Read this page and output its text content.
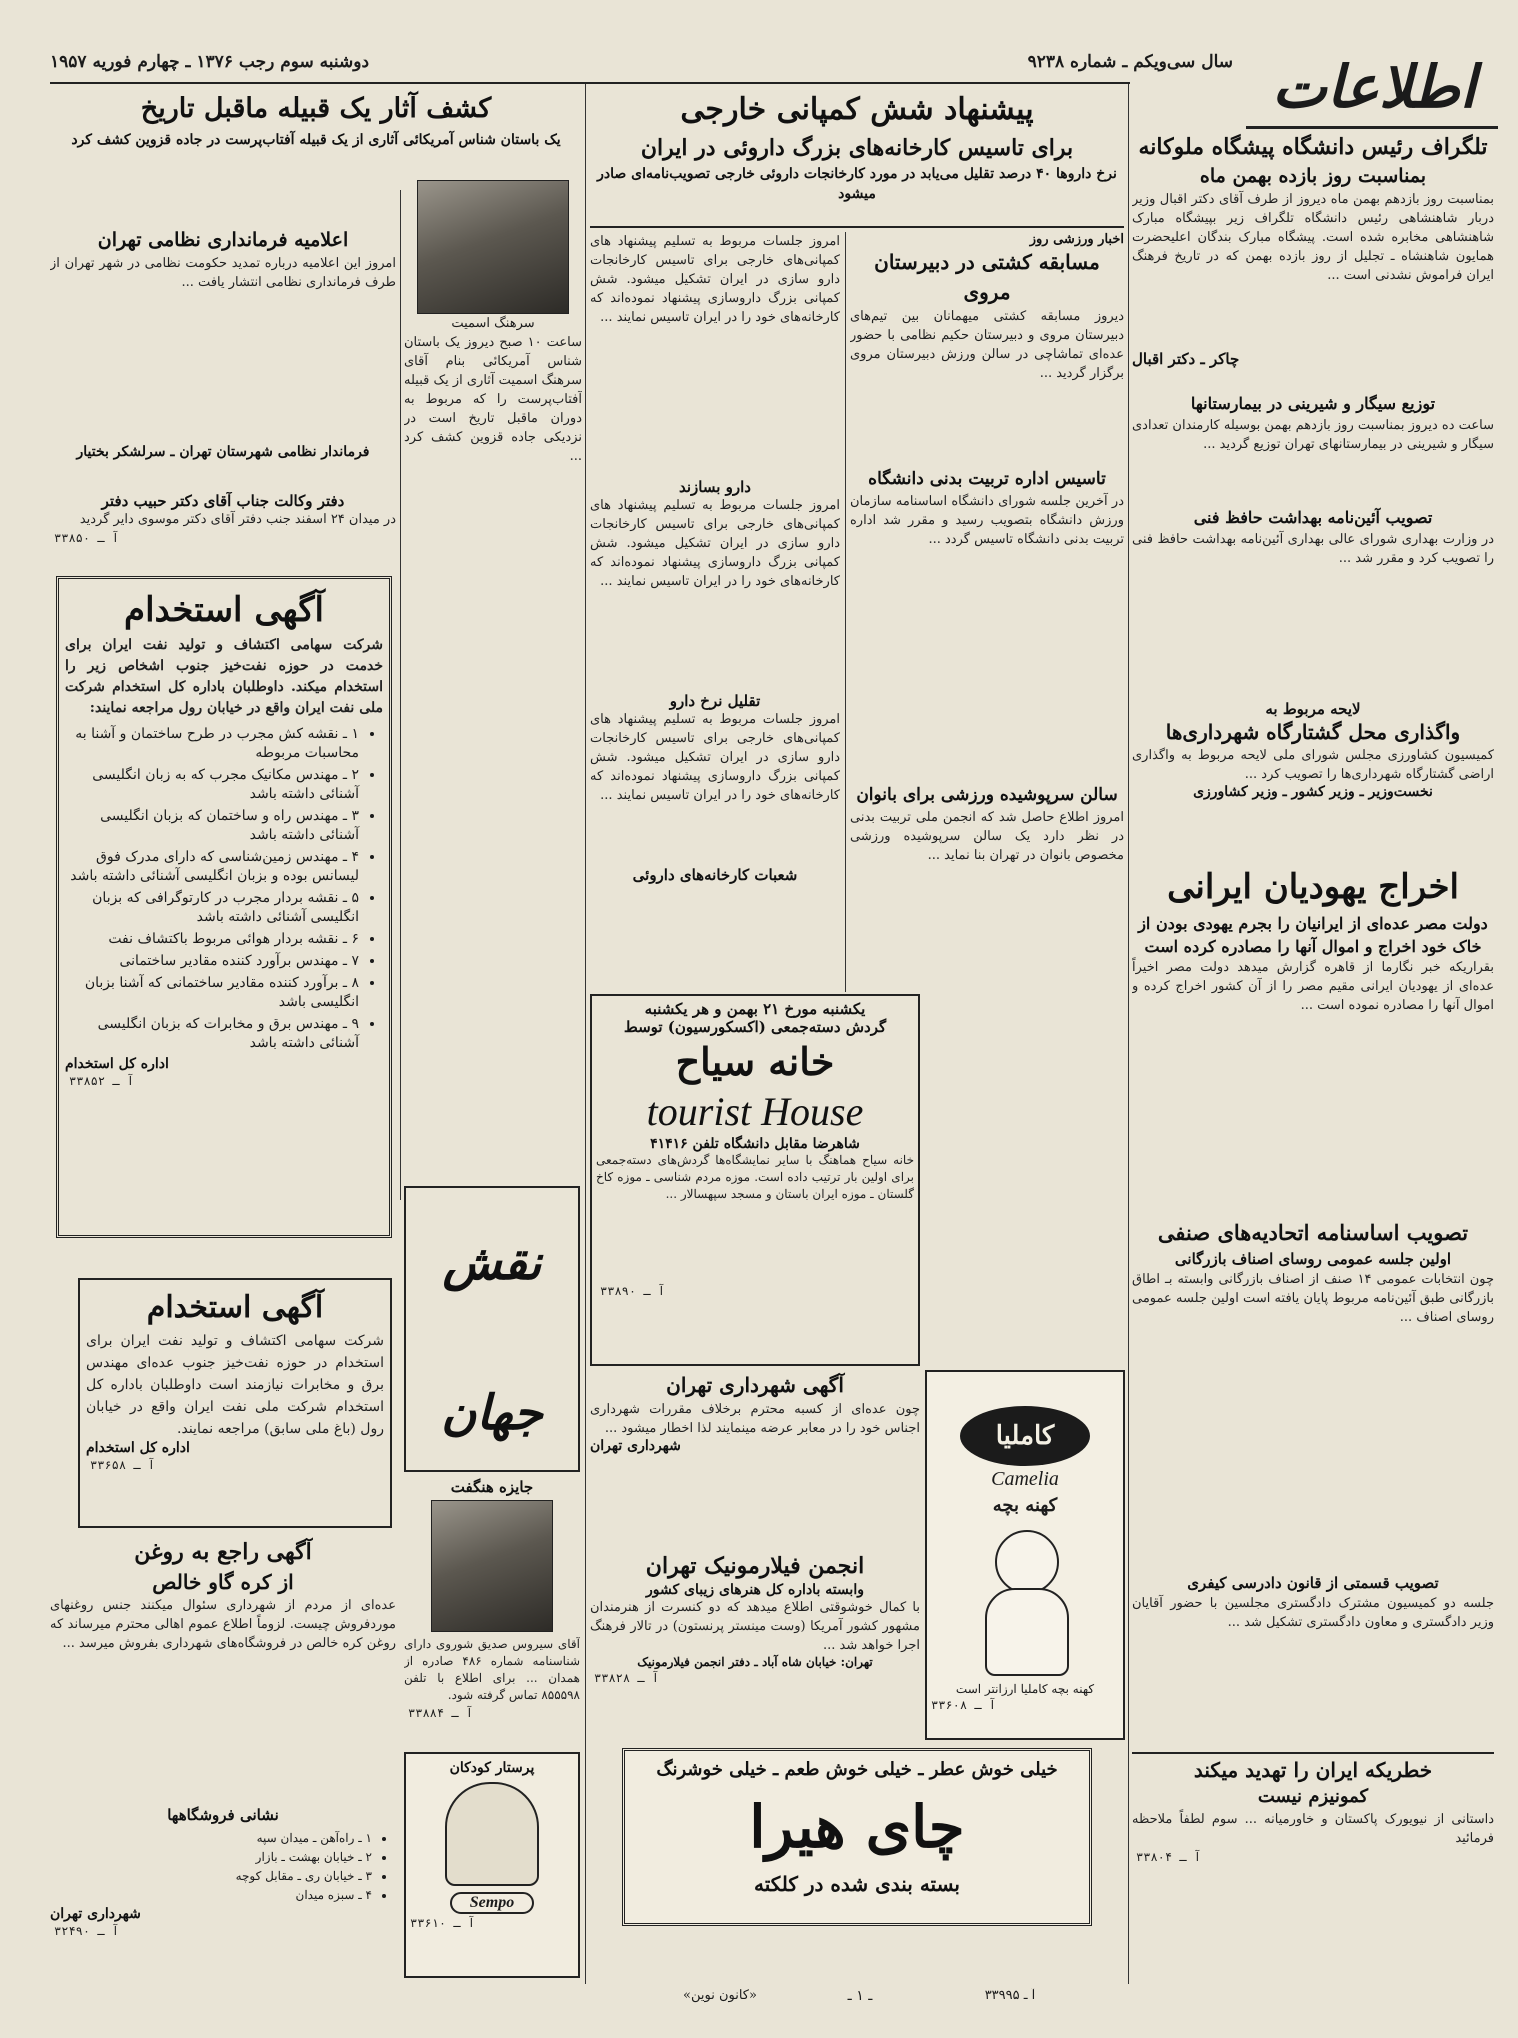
اطلاعات
سال سی‌ویکم ـ شماره ۹۲۳۸
دوشنبه سوم رجب ۱۳۷۶ ـ چهارم فوریه ۱۹۵۷

تلگراف رئیس دانشگاه پیشگاه ملوکانه

بمناسبت روز بازده بهمن ماه

بمناسبت روز بازدهم بهمن ماه دیروز از طرف آقای دکتر اقبال وزیر دربار شاهنشاهی رئیس دانشگاه تلگراف زیر بپیشگاه مبارک شاهنشاهی مخابره شده است. پیشگاه مبارک بندگان اعلیحضرت همایون شاهنشاه ـ تجلیل از روز بازده بهمن که در تاریخ فرهنگ ایران فراموش نشدنی است ...

چاکر ـ دکتر اقبال

توزیع سیگار و شیرینی در بیمارستانها

ساعت ده دیروز بمناسبت روز بازدهم بهمن بوسیله کارمندان تعدادی سیگار و شیرینی در بیمارستانهای تهران توزیع گردید ...

تصویب آئین‌نامه بهداشت حافظ فنی

در وزارت بهداری شورای عالی بهداری آئین‌نامه بهداشت حافظ فنی را تصویب کرد و مقرر شد ...

لایحه مربوط به

واگذاری محل گشتارگاه شهرداری‌ها

کمیسیون کشاورزی مجلس شورای ملی لایحه مربوط به واگذاری اراضی گشتارگاه شهرداری‌ها را تصویب کرد ...

نخست‌وزیر ـ وزیر کشور ـ وزیر کشاورزی

اخراج یهودیان ایرانی

دولت مصر عده‌ای از ایرانیان را بجرم یهودی بودن از خاک خود اخراج و اموال آنها را مصادره کرده است

بقراریکه خبر نگارما از قاهره گزارش میدهد دولت مصر اخیراً عده‌ای از یهودیان ایرانی مقیم مصر را از آن کشور اخراج کرده و اموال آنها را مصادره نموده است ...

تصویب اساسنامه اتحادیه‌های صنفی

اولین جلسه عمومی روسای اصناف بازرگانی

چون انتخابات عمومی ۱۴ صنف از اصناف بازرگانی وابسته بـ اطاق بازرگانی طبق آئین‌نامه مربوط پایان یافته است اولین جلسه عمومی روسای اصناف ...

تصویب قسمتی از قانون دادرسی کیفری

جلسه دو کمیسیون مشترک دادگستری مجلسین با حضور آقایان وزیر دادگستری و معاون دادگستری تشکیل شد ...

خطریکه ایران را تهدید میکند

کمونیزم نیست

داستانی از نیویورک پاکستان و خاورمیانه ... سوم لطفاً ملاحظه فرمائید

آ ـ ۳۳۸۰۴

پیشنهاد شش کمپانی خارجی

برای تاسیس کارخانه‌های بزرگ داروئی در ایران

نرخ داروها ۴۰ درصد تقلیل می‌یابد در مورد کارخانجات داروئی خارجی تصویب‌نامه‌ای صادر میشود

امروز جلسات مربوط به تسلیم پیشنهاد های کمپانی‌های خارجی برای تاسیس کارخانجات دارو سازی در ایران تشکیل میشود. شش کمپانی بزرگ داروسازی پیشنهاد نموده‌اند که کارخانه‌های خود را در ایران تاسیس نمایند ...

دارو بسازند

امروز جلسات مربوط به تسلیم پیشنهاد های کمپانی‌های خارجی برای تاسیس کارخانجات دارو سازی در ایران تشکیل میشود. شش کمپانی بزرگ داروسازی پیشنهاد نموده‌اند که کارخانه‌های خود را در ایران تاسیس نمایند ...

تقلیل نرخ دارو

امروز جلسات مربوط به تسلیم پیشنهاد های کمپانی‌های خارجی برای تاسیس کارخانجات دارو سازی در ایران تشکیل میشود. شش کمپانی بزرگ داروسازی پیشنهاد نموده‌اند که کارخانه‌های خود را در ایران تاسیس نمایند ...

شعبات کارخانه‌های داروئی

اخبار ورزشی روز

مسابقه کشتی در دبیرستان مروی

دیروز مسابقه کشتی میهمانان بین تیم‌های دبیرستان مروی و دبیرستان حکیم نظامی با حضور عده‌ای تماشاچی در سالن ورزش دبیرستان مروی برگزار گردید ...

تاسیس اداره تربیت بدنی دانشگاه

در آخرین جلسه شورای دانشگاه اساسنامه سازمان ورزش دانشگاه بتصویب رسید و مقرر شد اداره تربیت بدنی دانشگاه تاسیس گردد ...

سالن سرپوشیده ورزشی برای بانوان

امروز اطلاع حاصل شد که انجمن ملی تربیت بدنی در نظر دارد یک سالن سرپوشیده ورزشی مخصوص بانوان در تهران بنا نماید ...

یکشنبه مورخ ۲۱ بهمن و هر یکشنبه

گردش دسته‌جمعی (اکسکورسیون) توسط

خانه سیاح

tourist House

شاهرضا مقابل دانشگاه تلفن ۴۱۴۱۶

خانه سیاح هماهنگ با سایر نمایشگاه‌ها گردش‌های دسته‌جمعی برای اولین بار ترتیب داده است. موزه مردم شناسی ـ موزه کاخ گلستان ـ موزه ایران باستان و مسجد سپهسالار ...

آ ـ ۳۳۸۹۰

کاملیا
Camelia
کهنه بچه
کهنه بچه کاملیا ارزانتر است

آ ـ ۳۳۶۰۸

آگهی شهرداری تهران

چون عده‌ای از کسبه محترم برخلاف مقررات شهرداری اجناس خود را در معابر عرضه مینمایند لذا اخطار میشود ...

شهرداری تهران

انجمن فیلارمونیک تهران

وابسته باداره کل هنرهای زیبای کشور

با کمال خوشوقتی اطلاع میدهد که دو کنسرت از هنرمندان مشهور کشور آمریکا (وست مینستر پرنستون) در تالار فرهنگ اجرا خواهد شد ...

تهران: خیابان شاه آباد ـ دفتر انجمن فیلارمونیک

آ ـ ۳۳۸۲۸

خیلی خوش عطر ـ خیلی خوش طعم ـ خیلی خوشرنگ

چای هیرا

بسته بندی شده در کلکته

کشف آثار یک قبیله ماقبل تاریخ

یک باستان شناس آمریکائی آثاری از یک قبیله آفتاب‌پرست در جاده قزوین کشف کرد

سرهنگ اسمیت

ساعت ۱۰ صبح دیروز یک باستان شناس آمریکائی بنام آقای سرهنگ اسمیت آثاری از یک قبیله آفتاب‌پرست را که مربوط به دوران ماقبل تاریخ است در نزدیکی جاده قزوین کشف کرد ...

اعلامیه فرمانداری نظامی تهران

امروز این اعلامیه درباره تمدید حکومت نظامی در شهر تهران از طرف فرمانداری نظامی انتشار یافت ...

فرماندار نظامی شهرستان تهران ـ سرلشکر بختیار

دفتر وکالت جناب آقای دکتر حبیب دفتر

در میدان ۲۴ اسفند جنب دفتر آقای دکتر موسوی دایر گردید

آ ـ ۳۳۸۵۰

آگهی استخدام

شرکت سهامی اکتشاف و تولید نفت ایران برای خدمت در حوزه نفت‌خیز جنوب اشخاص زیر را استخدام میکند. داوطلبان باداره کل استخدام شرکت ملی نفت ایران واقع در خیابان رول مراجعه نمایند:

• ۱ ـ نقشه کش مجرب در طرح ساختمان و آشنا به محاسبات مربوطه
• ۲ ـ مهندس مکانیک مجرب که به زبان انگلیسی آشنائی داشته باشد
• ۳ ـ مهندس راه و ساختمان که بزبان انگلیسی آشنائی داشته باشد
• ۴ ـ مهندس زمین‌شناسی که دارای مدرک فوق لیسانس بوده و بزبان انگلیسی آشنائی داشته باشد
• ۵ ـ نقشه بردار مجرب در کارتوگرافی که بزبان انگلیسی آشنائی داشته باشد
• ۶ ـ نقشه بردار هوائی مربوط باکتشاف نفت
• ۷ ـ مهندس برآورد کننده مقادیر ساختمانی
• ۸ ـ برآورد کننده مقادیر ساختمانی که آشنا بزبان انگلیسی باشد
• ۹ ـ مهندس برق و مخابرات که بزبان انگلیسی آشنائی داشته باشد

اداره کل استخدام

آ ـ ۳۳۸۵۲

نقش جهان

آگهی استخدام

شرکت سهامی اکتشاف و تولید نفت ایران برای استخدام در حوزه نفت‌خیز جنوب عده‌ای مهندس برق و مخابرات نیازمند است داوطلبان باداره کل استخدام شرکت ملی نفت ایران واقع در خیابان رول (باغ ملی سابق) مراجعه نمایند.

اداره کل استخدام

آ ـ ۳۳۶۵۸

جایزه هنگفت

آقای سیروس صدیق شوروی دارای شناسنامه شماره ۴۸۶ صادره از همدان ... برای اطلاع با تلفن ۸۵۵۵۹۸ تماس گرفته شود.

آ ـ ۳۳۸۸۴

آگهی راجع به روغن

از کره گاو خالص

عده‌ای از مردم از شهرداری سئوال میکنند جنس روغنهای موردفروش چیست. لزوماً اطلاع عموم اهالی محترم میرساند که روغن کره خالص در فروشگاه‌های شهرداری بفروش میرسد ...

نشانی فروشگاهها

• ۱ ـ راه‌آهن ـ میدان سپه
• ۲ ـ خیابان بهشت ـ بازار
• ۳ ـ خیابان ری ـ مقابل کوچه
• ۴ ـ سبزه میدان

شهرداری تهران

آ ـ ۳۲۴۹۰

پرستار کودکان

Sempo

آ ـ ۳۳۶۱۰

«کانون نوین»	ـ ۱ ـ	آ ـ ۳۳۹۹۵
